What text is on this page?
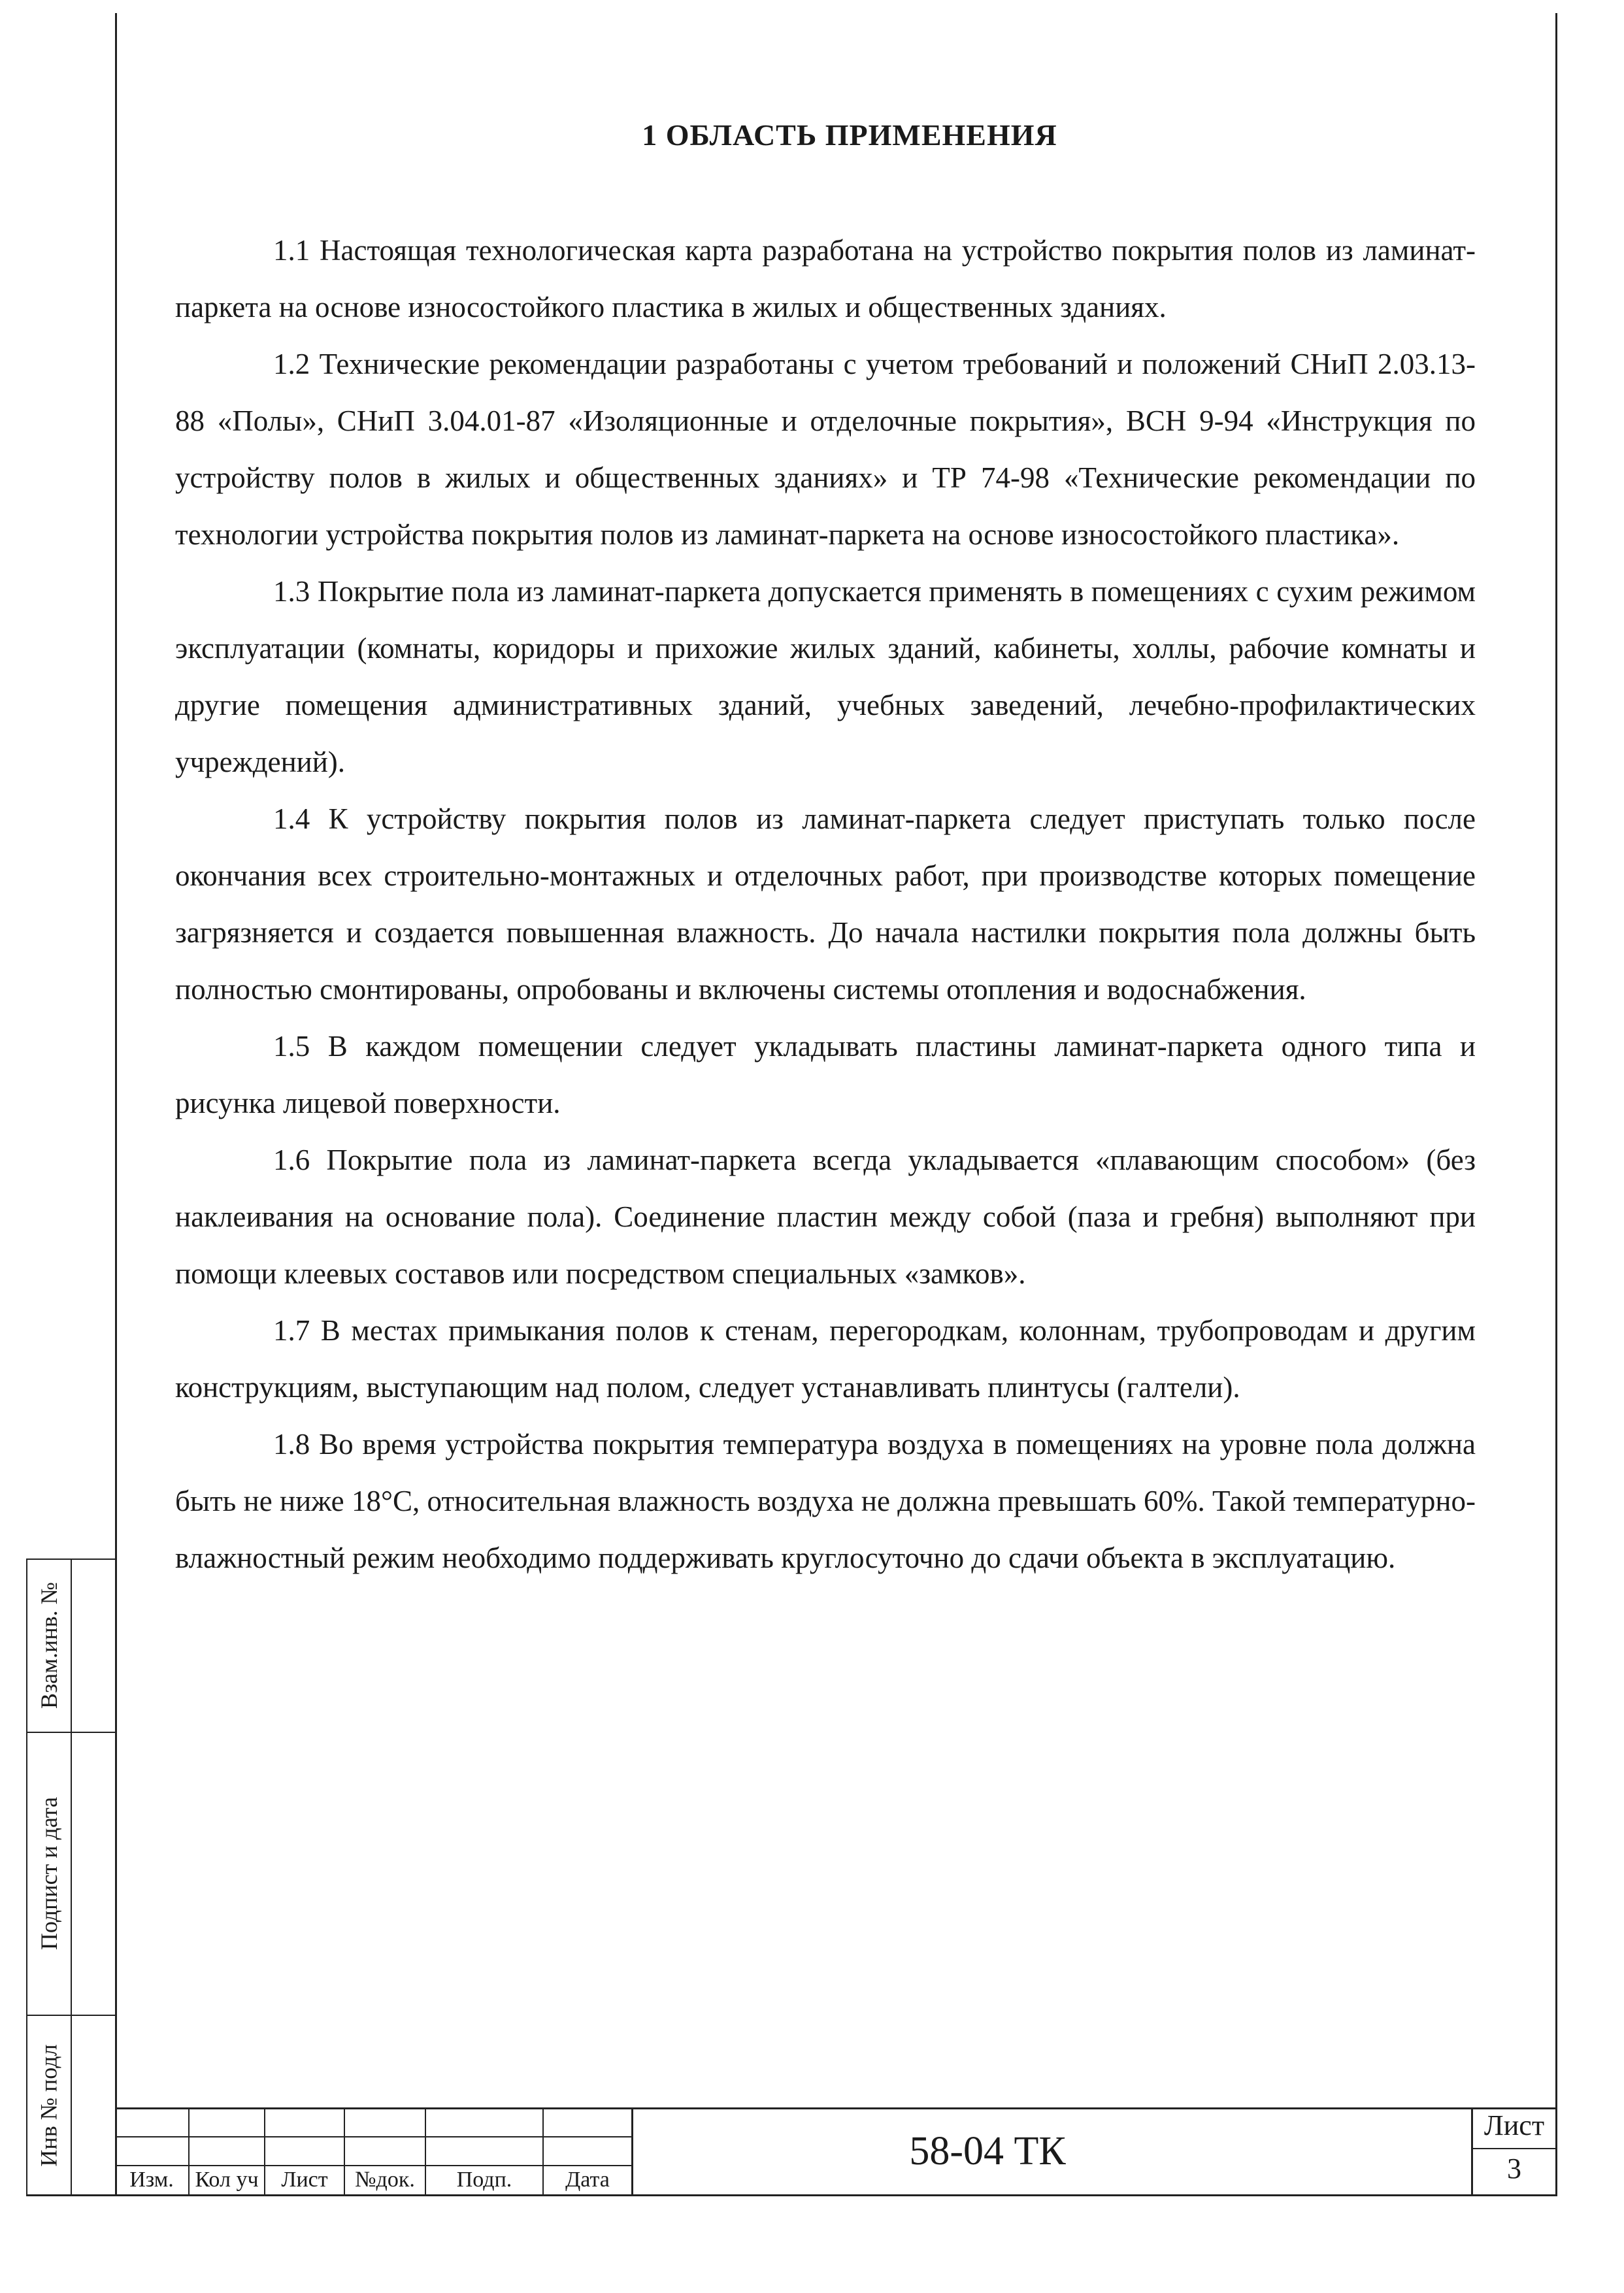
1 ОБЛАСТЬ ПРИМЕНЕНИЯ

1.1 Настоящая технологическая карта разработана на устройство покрытия полов из ламинат-паркета на основе износостойкого пластика в жилых и общественных зданиях.

1.2 Технические рекомендации разработаны с учетом требований и положений СНиП 2.03.13-88 «Полы», СНиП 3.04.01-87 «Изоляционные и отделочные покрытия», ВСН 9-94 «Инструкция по устройству полов в жилых и общественных зданиях» и ТР 74-98 «Технические рекомендации по технологии устройства покрытия полов из ламинат-паркета на основе износостойкого пластика».

1.3 Покрытие пола из ламинат-паркета допускается применять в помещениях с сухим режимом эксплуатации (комнаты, коридоры и прихожие жилых зданий, кабинеты, холлы, рабочие комнаты и другие помещения административных зданий, учебных заведений, лечебно-профилактических учреждений).

1.4 К устройству покрытия полов из ламинат-паркета следует приступать только после окончания всех строительно-монтажных и отделочных работ, при производстве которых помещение загрязняется и создается повышенная влажность. До начала настилки покрытия пола должны быть полностью смонтированы, опробованы и включены системы отопления и водоснабжения.

1.5 В каждом помещении следует укладывать пластины ламинат-паркета одного типа и рисунка лицевой поверхности.

1.6 Покрытие пола из ламинат-паркета всегда укладывается «плавающим способом» (без наклеивания на основание пола). Соединение пластин между собой (паза и гребня) выполняют при помощи клеевых составов или посредством специальных «замков».

1.7 В местах примыкания полов к стенам, перегородкам, колоннам, трубопроводам и другим конструкциям, выступающим над полом, следует устанавливать плинтусы (галтели).

1.8 Во время устройства покрытия температура воздуха в помещениях на уровне пола должна быть не ниже 18°С, относительная влажность воздуха не должна превышать 60%. Такой температурно-влажностный режим необходимо поддерживать круглосуточно до сдачи объекта в эксплуатацию.

Взам.инв. №
Подпист и дата
Инв № подл
Изм. Кол уч	Лист	№док.	Подп.	Дата
58-04 ТК
Лист
3
